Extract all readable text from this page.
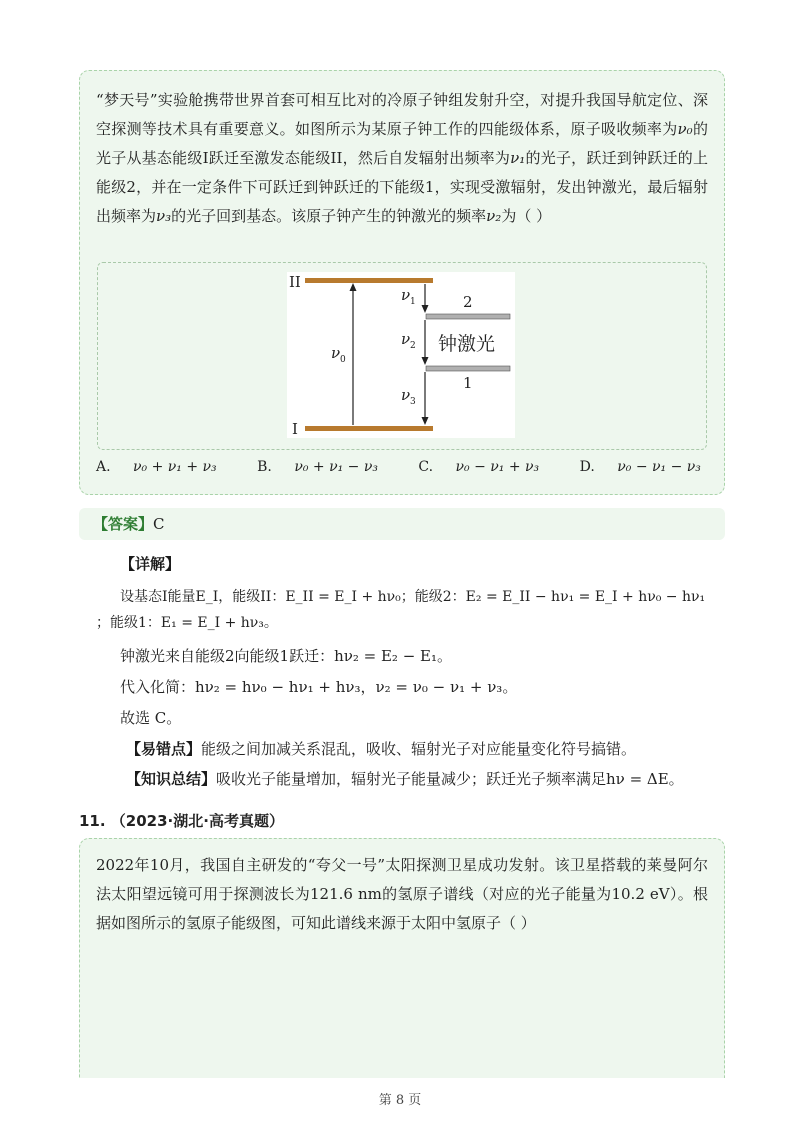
“梦天号”实验舱携带世界首套可相互比对的冷原子钟组发射升空，对提升我国导航定位、深空探测等技术具有重要意义。如图所示为某原子钟工作的四能级体系，原子吸收频率为ν₀的光子从基态能级I跃迁至激发态能级II，然后自发辐射出频率为ν₁的光子，跃迁到钟跃迁的上能级2，并在一定条件下可跃迁到钟跃迁的下能级1，实现受激辐射，发出钟激光，最后辐射出频率为ν₃的光子回到基态。该原子钟产生的钟激光的频率ν₂为（ ）

II
I
2
1
ν 0
ν 1
ν 2
ν 3
钟激光
A. ν₀ + ν₁ + ν₃	B. ν₀ + ν₁ − ν₃	C. ν₀ − ν₁ + ν₃	D. ν₀ − ν₁ − ν₃
【答案】C
【详解】
设基态I能量E_I，能级II：E_II = E_I + hν₀；能级2：E₂ = E_II − hν₁ = E_I + hν₀ − hν₁
；能级1：E₁ = E_I + hν₃。
钟激光来自能级2向能级1跃迁：hν₂ = E₂ − E₁。
代入化简：hν₂ = hν₀ − hν₁ + hν₃，ν₂ = ν₀ − ν₁ + ν₃。
故选 C。
【易错点】能级之间加减关系混乱，吸收、辐射光子对应能量变化符号搞错。
【知识总结】吸收光子能量增加，辐射光子能量减少；跃迁光子频率满足hν = ΔE。
11. （2023·湖北·高考真题）

2022年10月，我国自主研发的“夸父一号”太阳探测卫星成功发射。该卫星搭载的莱曼阿尔法太阳望远镜可用于探测波长为121.6 nm的氢原子谱线（对应的光子能量为10.2 eV）。根据如图所示的氢原子能级图，可知此谱线来源于太阳中氢原子（ ）

第 8 页
